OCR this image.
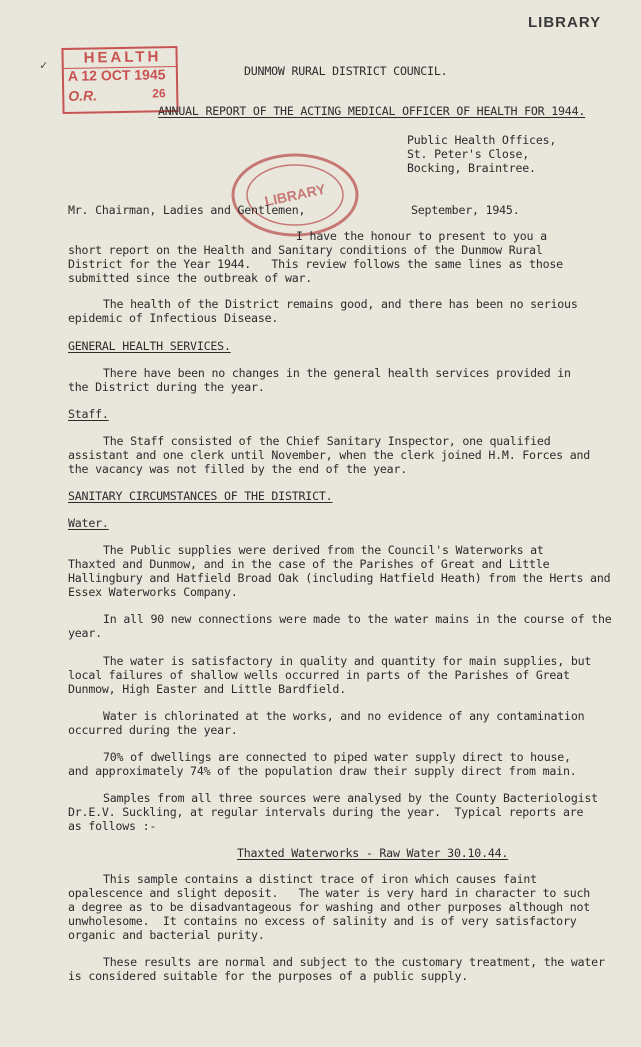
LIBRARY
✓ HEALTH
A 12 OCT 1945
O.R.	26
LIBRARY
DUNMOW RURAL DISTRICT COUNCIL.
ANNUAL REPORT OF THE ACTING MEDICAL OFFICER OF HEALTH FOR 1944.
Public Health Offices,
St. Peter's Close,
Bocking, Braintree.
Mr. Chairman, Ladies and Gentlemen,	September, 1945.
I have the honour to present to you a
short report on the Health and Sanitary conditions of the Dunmow Rural
District for the Year 1944.   This review follows the same lines as those
submitted since the outbreak of war.
The health of the District remains good, and there has been no serious
epidemic of Infectious Disease.
GENERAL HEALTH SERVICES.
There have been no changes in the general health services provided in
the District during the year.
Staff.
The Staff consisted of the Chief Sanitary Inspector, one qualified
assistant and one clerk until November, when the clerk joined H.M. Forces and
the vacancy was not filled by the end of the year.
SANITARY CIRCUMSTANCES OF THE DISTRICT.
Water.
The Public supplies were derived from the Council's Waterworks at
Thaxted and Dunmow, and in the case of the Parishes of Great and Little
Hallingbury and Hatfield Broad Oak (including Hatfield Heath) from the Herts and
Essex Waterworks Company.
In all 90 new connections were made to the water mains in the course of the
year.
The water is satisfactory in quality and quantity for main supplies, but
local failures of shallow wells occurred in parts of the Parishes of Great
Dunmow, High Easter and Little Bardfield.
Water is chlorinated at the works, and no evidence of any contamination
occurred during the year.
70% of dwellings are connected to piped water supply direct to house,
and approximately 74% of the population draw their supply direct from main.
Samples from all three sources were analysed by the County Bacteriologist
Dr.E.V. Suckling, at regular intervals during the year.  Typical reports are
as follows :-
Thaxted Waterworks - Raw Water 30.10.44.
This sample contains a distinct trace of iron which causes faint
opalescence and slight deposit.   The water is very hard in character to such
a degree as to be disadvantageous for washing and other purposes although not
unwholesome.  It contains no excess of salinity and is of very satisfactory
organic and bacterial purity.
These results are normal and subject to the customary treatment, the water
is considered suitable for the purposes of a public supply.
